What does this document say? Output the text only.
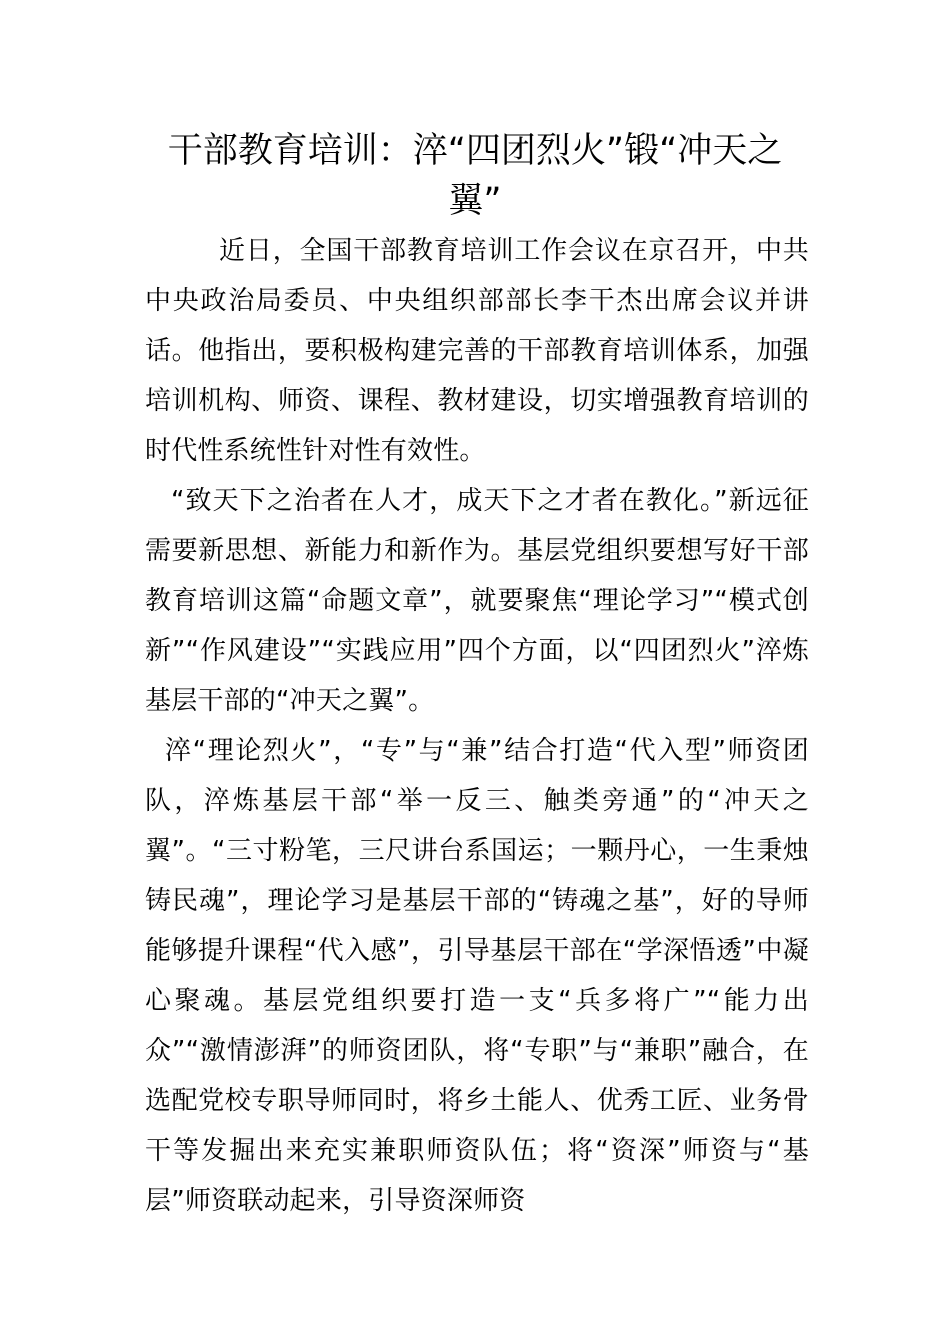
干部教育培训：淬“四团烈火”锻“冲天之翼”

近日，全国干部教育培训工作会议在京召开，中共中央政治局委员、中央组织部部长李干杰出席会议并讲话。他指出，要积极构建完善的干部教育培训体系，加强培训机构、师资、课程、教材建设，切实增强教育培训的时代性系统性针对性有效性。

“致天下之治者在人才，成天下之才者在教化。”新远征需要新思想、新能力和新作为。基层党组织要想写好干部教育培训这篇“命题文章”，就要聚焦“理论学习”“模式创新”“作风建设”“实践应用”四个方面，以“四团烈火”淬炼基层干部的“冲天之翼”。

淬“理论烈火”，“专”与“兼”结合打造“代入型”师资团队，淬炼基层干部“举一反三、触类旁通”的“冲天之翼”。“三寸粉笔，三尺讲台系国运；一颗丹心，一生秉烛铸民魂”，理论学习是基层干部的“铸魂之基”，好的导师能够提升课程“代入感”，引导基层干部在“学深悟透”中凝心聚魂。基层党组织要打造一支“兵多将广”“能力出众”“激情澎湃”的师资团队，将“专职”与“兼职”融合，在选配党校专职导师同时，将乡土能人、优秀工匠、业务骨干等发掘出来充实兼职师资队伍；将“资深”师资与“基层”师资联动起来，引导资深师资
